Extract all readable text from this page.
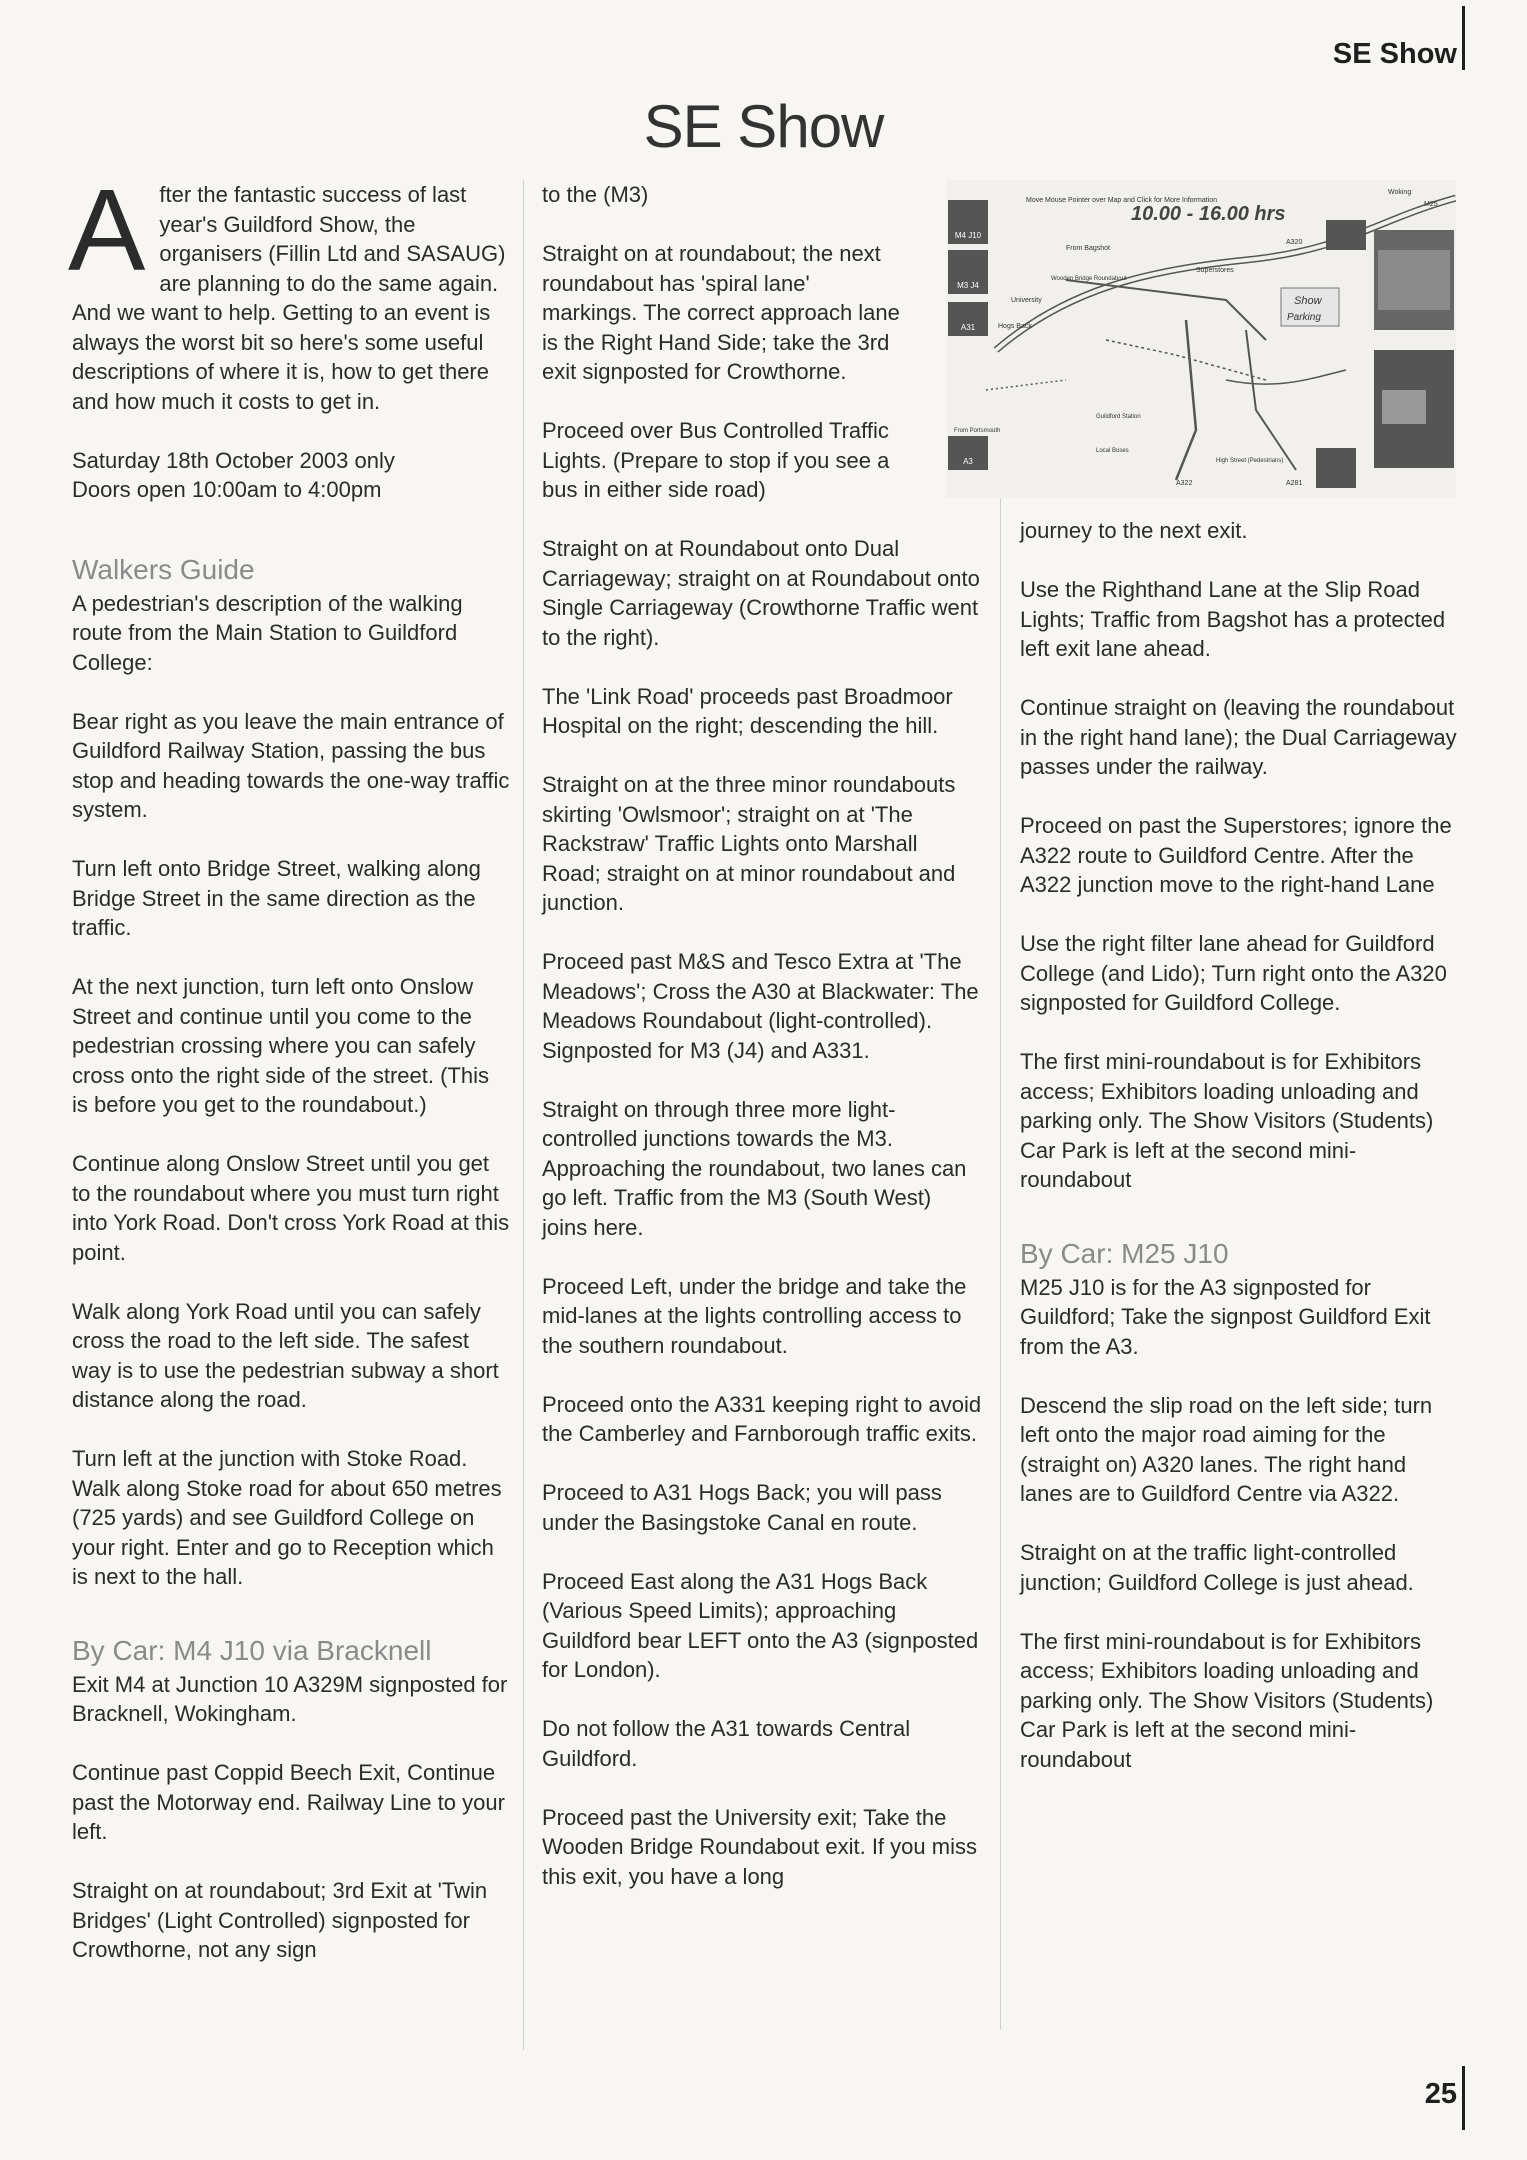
SE Show
SE Show

After the fantastic success of last year's Guildford Show, the organisers (Fillin Ltd and SASAUG) are planning to do the same again. And we want to help. Getting to an event is always the worst bit so here's some useful descriptions of where it is, how to get there and how much it costs to get in.

Saturday 18th October 2003 only
Doors open 10:00am to 4:00pm

Walkers Guide

A pedestrian's description of the walking route from the Main Station to Guildford College:

Bear right as you leave the main entrance of Guildford Railway Station, passing the bus stop and heading towards the one-way traffic system.

Turn left onto Bridge Street, walking along Bridge Street in the same direction as the traffic.

At the next junction, turn left onto Onslow Street and continue until you come to the pedestrian crossing where you can safely cross onto the right side of the street. (This is before you get to the roundabout.)

Continue along Onslow Street until you get to the roundabout where you must turn right into York Road. Don't cross York Road at this point.

Walk along York Road until you can safely cross the road to the left side. The safest way is to use the pedestrian subway a short distance along the road.

Turn left at the junction with Stoke Road. Walk along Stoke road for about 650 metres (725 yards) and see Guildford College on your right. Enter and go to Reception which is next to the hall.

By Car: M4 J10 via Bracknell

Exit M4 at Junction 10 A329M signposted for Bracknell, Wokingham.

Continue past Coppid Beech Exit, Continue past the Motorway end. Railway Line to your left.

Straight on at roundabout; 3rd Exit at 'Twin Bridges' (Light Controlled) signposted for Crowthorne, not any sign

to the (M3)

Straight on at roundabout; the next roundabout has 'spiral lane' markings. The correct approach lane is the Right Hand Side; take the 3rd exit signposted for Crowthorne.

Proceed over Bus Controlled Traffic Lights. (Prepare to stop if you see a bus in either side road)

Straight on at Roundabout onto Dual Carriageway; straight on at Roundabout onto Single Carriageway (Crowthorne Traffic went to the right).

The 'Link Road' proceeds past Broadmoor Hospital on the right; descending the hill.

Straight on at the three minor roundabouts skirting 'Owlsmoor'; straight on at 'The Rackstraw' Traffic Lights onto Marshall Road; straight on at minor roundabout and junction.

Proceed past M&S and Tesco Extra at 'The Meadows'; Cross the A30 at Blackwater: The Meadows Roundabout (light-controlled). Signposted for M3 (J4) and A331.

Straight on through three more light-controlled junctions towards the M3. Approaching the roundabout, two lanes can go left. Traffic from the M3 (South West) joins here.

Proceed Left, under the bridge and take the mid-lanes at the lights controlling access to the southern roundabout.

Proceed onto the A331 keeping right to avoid the Camberley and Farnborough traffic exits.

Proceed to A31 Hogs Back; you will pass under the Basingstoke Canal en route.

Proceed East along the A31 Hogs Back (Various Speed Limits); approaching Guildford bear LEFT onto the A3 (signposted for London).

Do not follow the A31 towards Central Guildford.

Proceed past the University exit; Take the Wooden Bridge Roundabout exit. If you miss this exit, you have a long

M4 J10
M3 J4
A31
A3
Move Mouse Pointer over Map and Click for More Information
10.00 - 16.00 hrs
University
Hogs Back
Superstores
From Bagshot
Wooden Bridge Roundabout
Guildford Station
Local Buses
From Portsmouth
High Street (Pedestrians)
A320
A322	A281
Woking
M25
Show
Parking

journey to the next exit.

Use the Righthand Lane at the Slip Road Lights; Traffic from Bagshot has a protected left exit lane ahead.

Continue straight on (leaving the roundabout in the right hand lane); the Dual Carriageway passes under the railway.

Proceed on past the Superstores; ignore the A322 route to Guildford Centre. After the A322 junction move to the right-hand Lane

Use the right filter lane ahead for Guildford College (and Lido); Turn right onto the A320 signposted for Guildford College.

The first mini-roundabout is for Exhibitors access; Exhibitors loading unloading and parking only. The Show Visitors (Students) Car Park is left at the second mini-roundabout

By Car: M25 J10

M25 J10 is for the A3 signposted for Guildford; Take the signpost Guildford Exit from the A3.

Descend the slip road on the left side; turn left onto the major road aiming for the (straight on) A320 lanes. The right hand lanes are to Guildford Centre via A322.

Straight on at the traffic light-controlled junction; Guildford College is just ahead.

The first mini-roundabout is for Exhibitors access; Exhibitors loading unloading and parking only. The Show Visitors (Students) Car Park is left at the second mini-roundabout

25
